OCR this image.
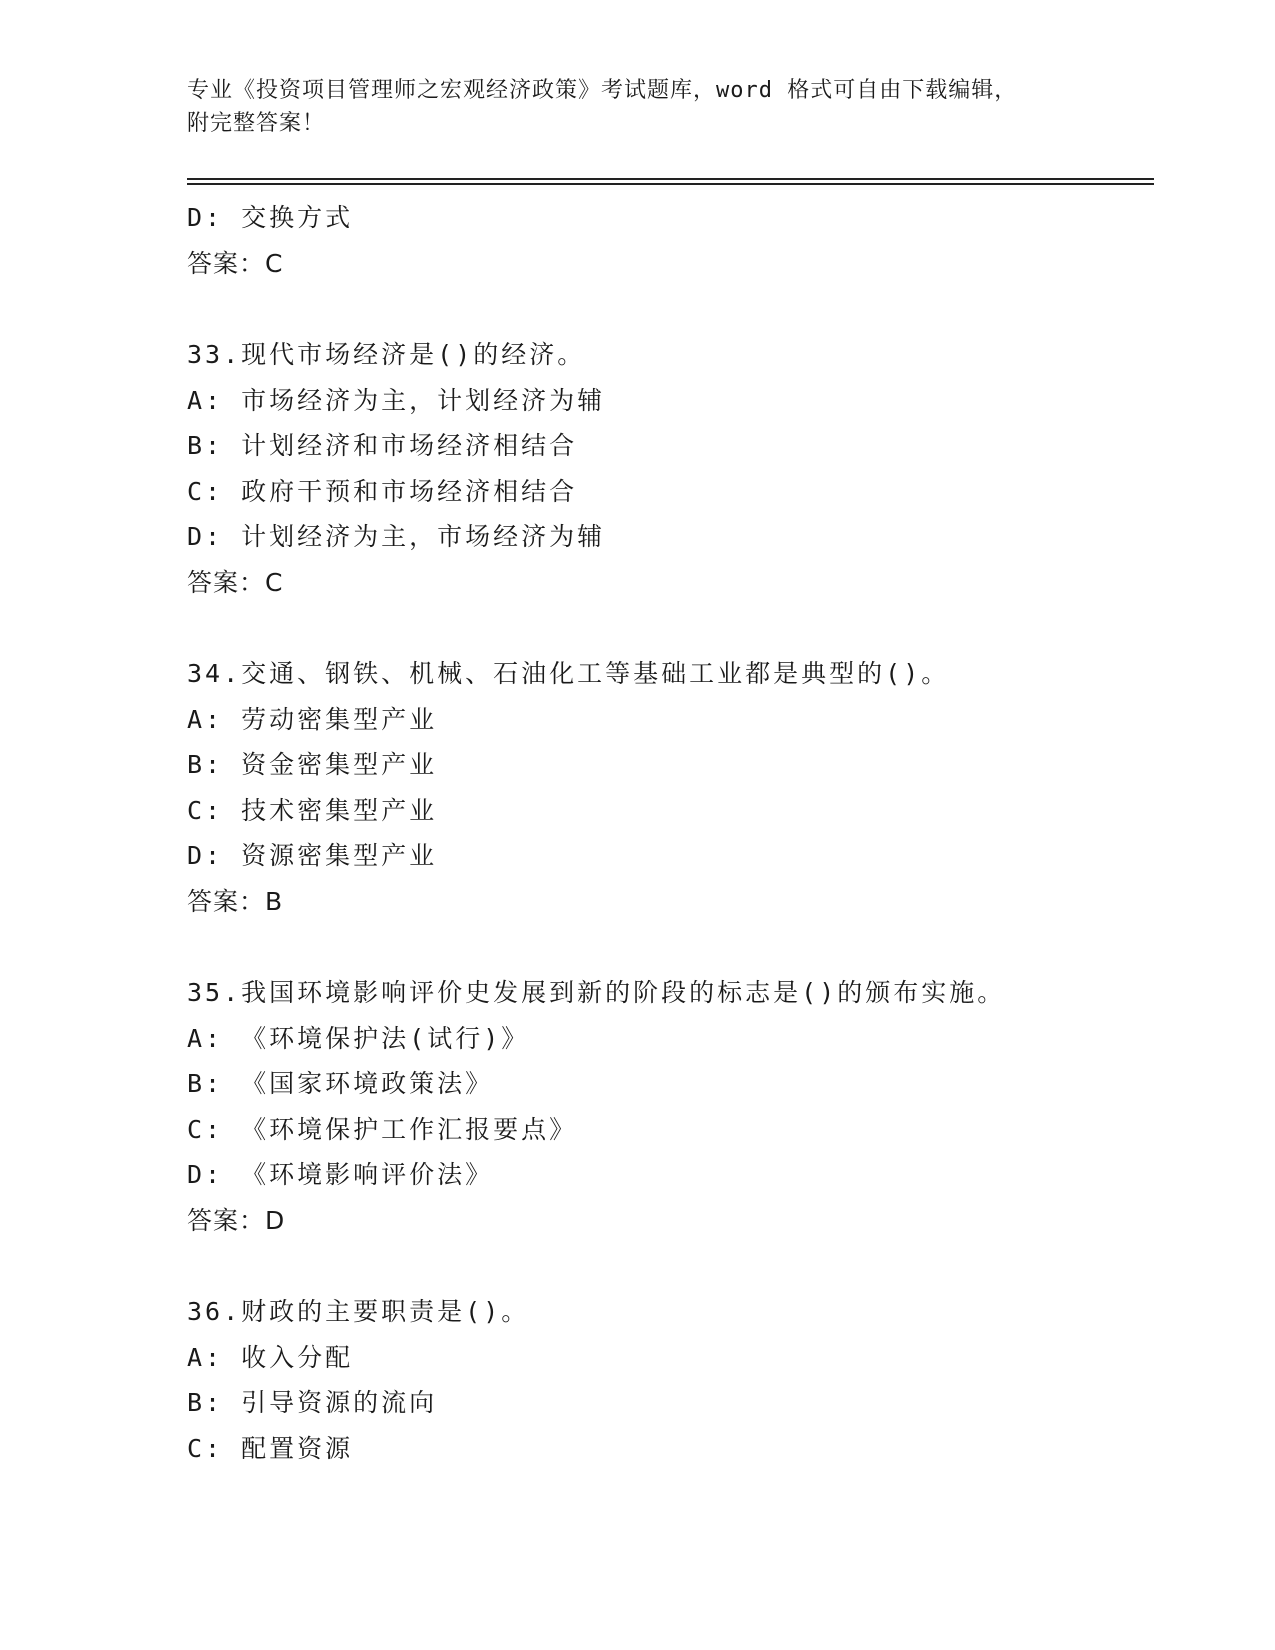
专业《投资项目管理师之宏观经济政策》考试题库，word 格式可自由下载编辑，
附完整答案！
D: 交换方式
答案：C
33.现代市场经济是()的经济。
A: 市场经济为主，计划经济为辅
B: 计划经济和市场经济相结合
C: 政府干预和市场经济相结合
D: 计划经济为主，市场经济为辅
答案：C
34.交通、钢铁、机械、石油化工等基础工业都是典型的()。
A: 劳动密集型产业
B: 资金密集型产业
C: 技术密集型产业
D: 资源密集型产业
答案：B
35.我国环境影响评价史发展到新的阶段的标志是()的颁布实施。
A: 《环境保护法(试行)》
B: 《国家环境政策法》
C: 《环境保护工作汇报要点》
D: 《环境影响评价法》
答案：D
36.财政的主要职责是()。
A: 收入分配
B: 引导资源的流向
C: 配置资源
